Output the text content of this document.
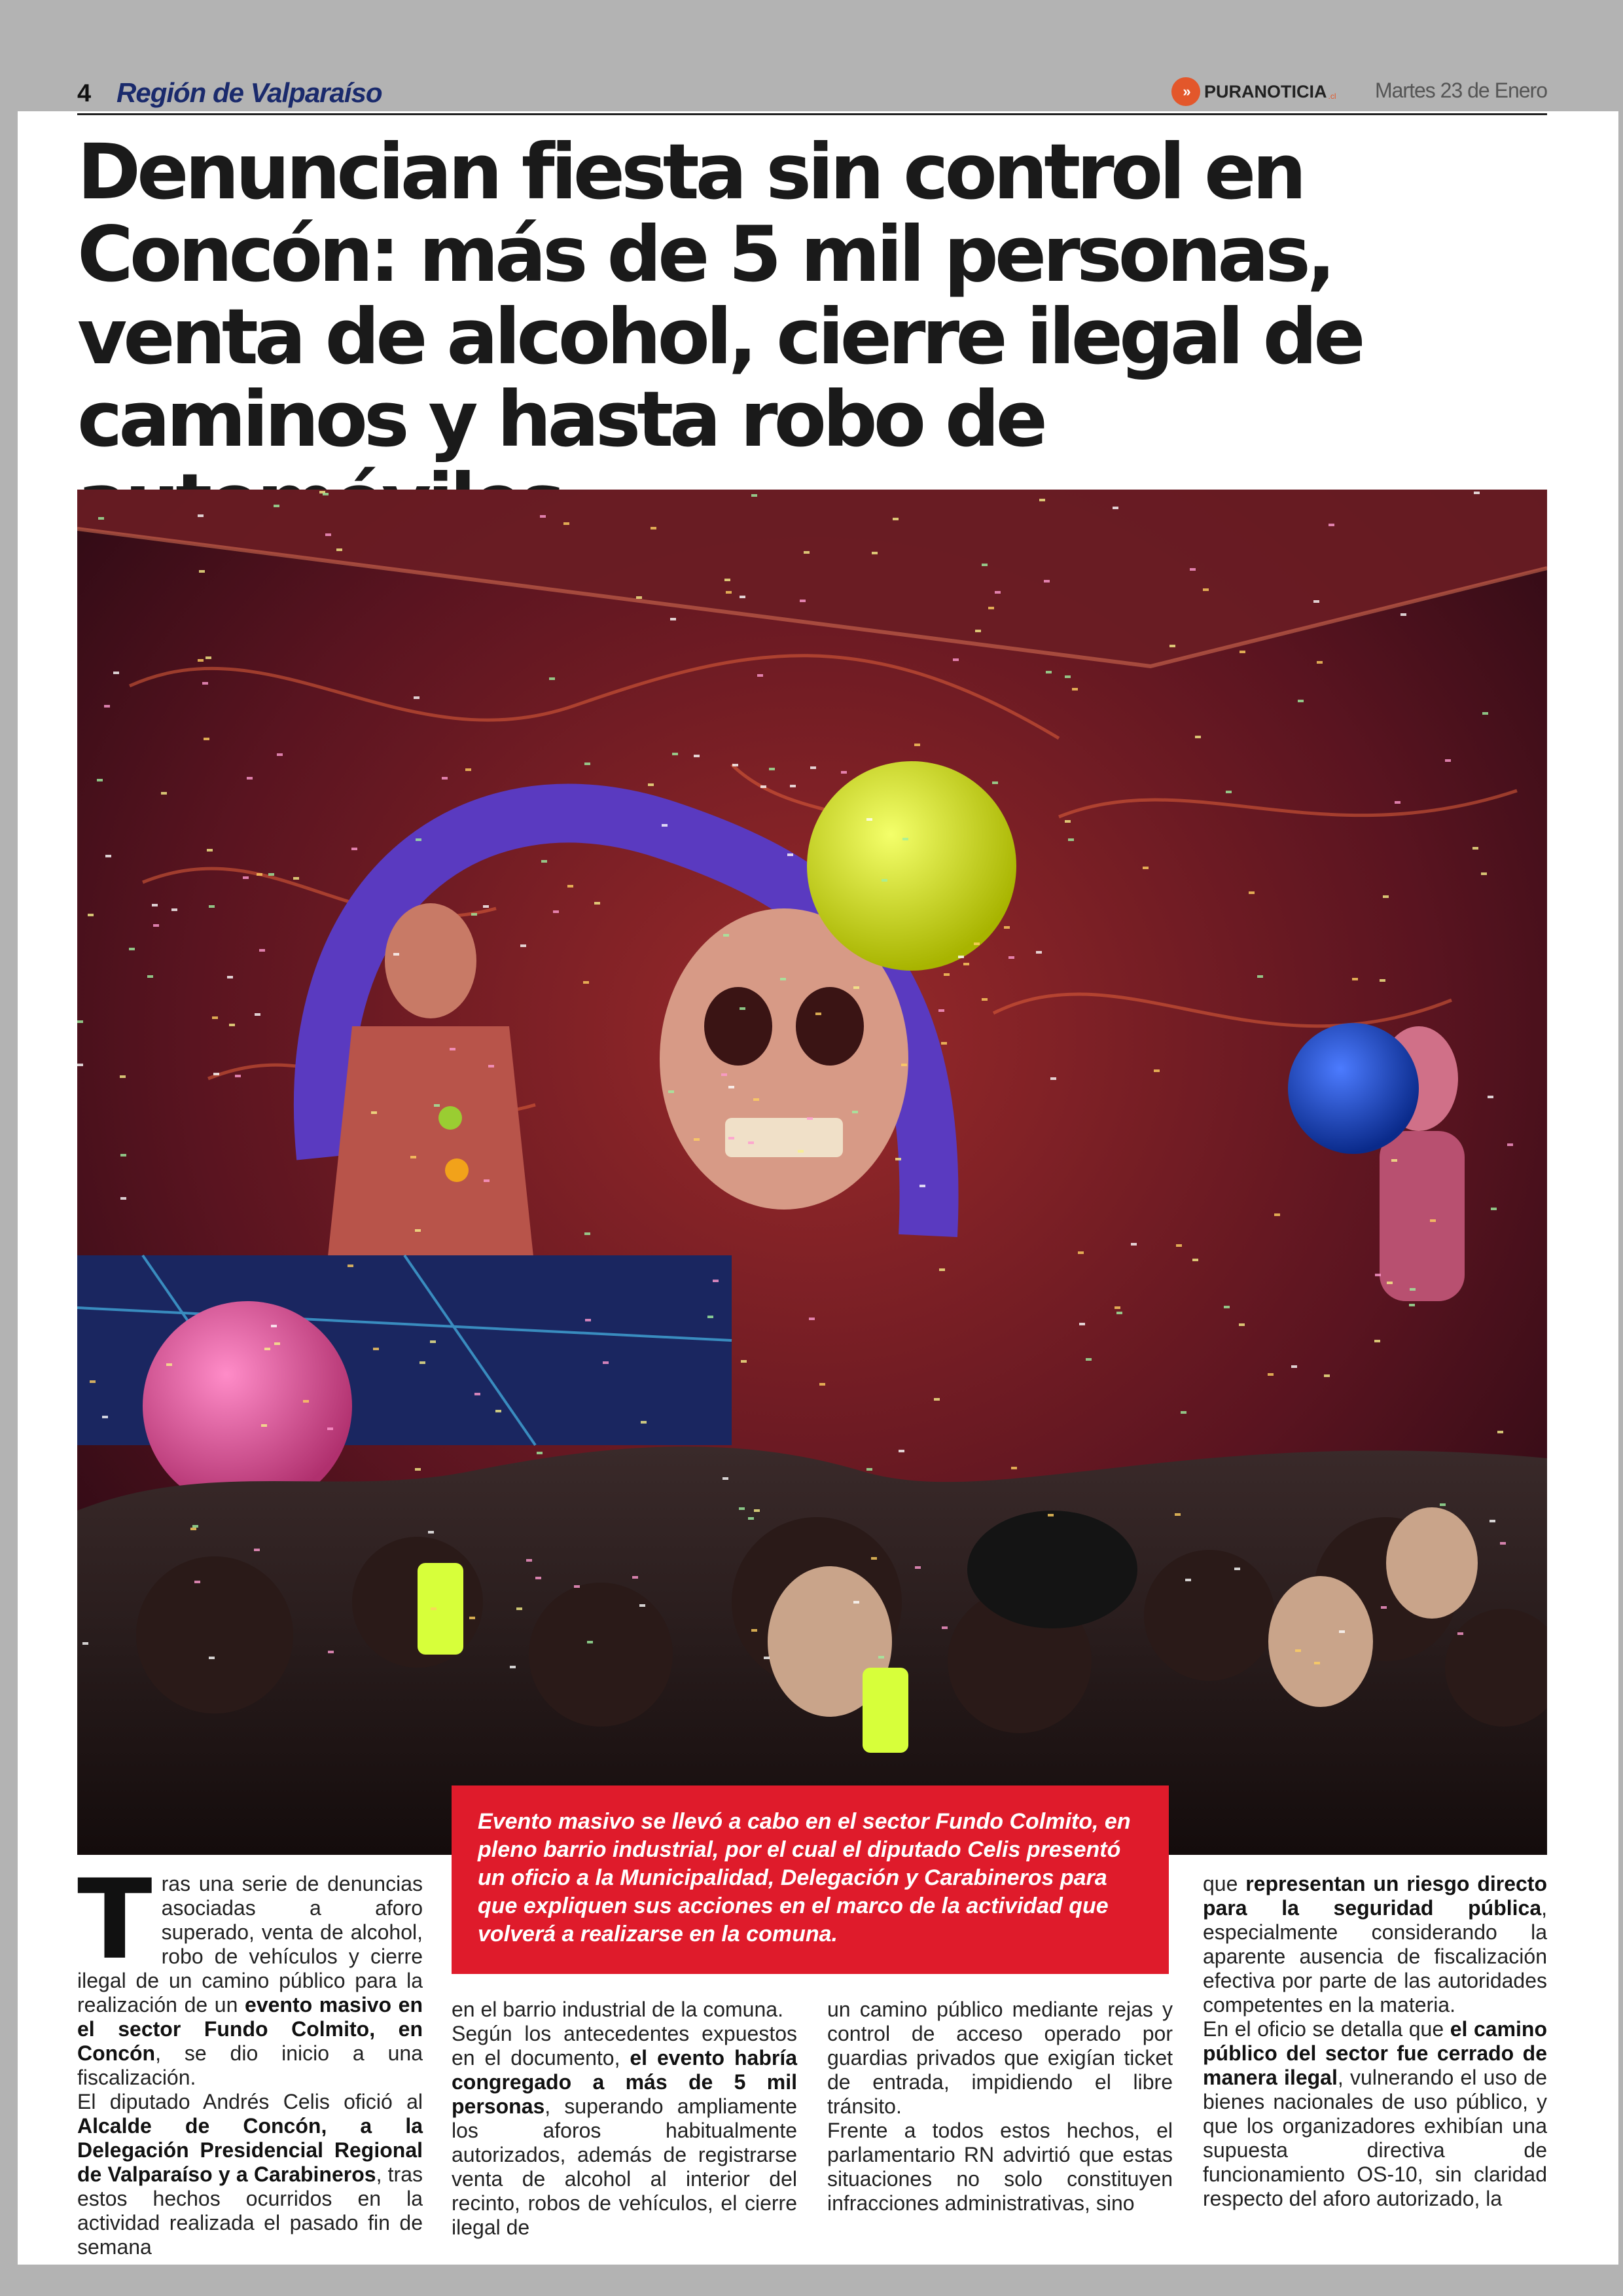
4 Región de Valparaíso	» PURANOTICIA .cl Martes 23 de Enero
Denuncian fiesta sin control en Concón: más de 5 mil personas, venta de alcohol, cierre ilegal de caminos y hasta robo de
Evento masivo se llevó a cabo en el sector Fundo Colmito, en pleno barrio industrial, por el cual el diputado Celis presentó un oficio a la Municipalidad, Delegación y Carabineros para que expliquen sus acciones en el marco de la actividad que volverá a realizarse en la comuna.

Tras una serie de denuncias asociadas a aforo superado, venta de alcohol, robo de vehículos y cierre ilegal de un camino público para la realización de un evento masivo en el sector Fundo Colmito, en Concón, se dio inicio a una fiscalización.

El diputado Andrés Celis ofició al Alcalde de Concón, a la Delegación Presidencial Regional de Valparaíso y a Carabineros, tras estos hechos ocurridos en la actividad realizada el pasado fin de semana

en el barrio industrial de la comuna.

Según los antecedentes expuestos en el documento, el evento habría congregado a más de 5 mil personas, superando ampliamente los aforos habitualmente autorizados, además de registrarse venta de alcohol al interior del recinto, robos de vehículos, el cierre ilegal de

un camino público mediante rejas y control de acceso operado por guardias privados que exigían ticket de entrada, impidiendo el libre tránsito.

Frente a todos estos hechos, el parlamentario RN advirtió que estas situaciones no solo constituyen infracciones administrativas, sino

que representan un riesgo directo para la seguridad pública, especialmente considerando la aparente ausencia de fiscalización efectiva por parte de las autoridades competentes en la materia.

En el oficio se detalla que el camino público del sector fue cerrado de manera ilegal, vulnerando el uso de bienes nacionales de uso público, y que los organizadores exhibían una supuesta directiva de funcionamiento OS-10, sin claridad respecto del aforo autorizado, la
